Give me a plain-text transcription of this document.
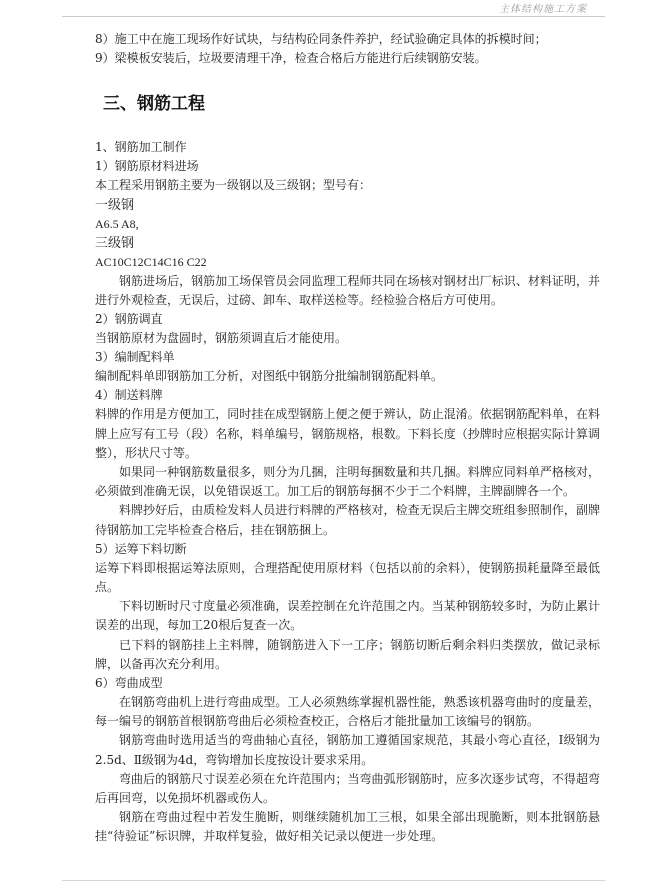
主体结构施工方案

8）施工中在施工现场作好试块，与结构砼同条件养护，经试验确定具体的拆模时间；

9）梁模板安装后，垃圾要清理干净，检查合格后方能进行后续钢筋安装。

三、钢筋工程

1、钢筋加工制作

1）钢筋原材料进场

本工程采用钢筋主要为一级钢以及三级钢；型号有：

一级钢

A6.5 A8,

三级钢

AC10C12C14C16 C22

钢筋进场后，钢筋加工场保管员会同监理工程师共同在场核对钢材出厂标识、材料证明，并进行外观检查，无误后，过磅、卸车、取样送检等。经检验合格后方可使用。

2）钢筋调直

当钢筋原材为盘圆时，钢筋须调直后才能使用。

3）编制配料单

编制配料单即钢筋加工分析，对图纸中钢筋分批编制钢筋配料单。

4）制送料牌

料牌的作用是方便加工，同时挂在成型钢筋上便之便于辨认，防止混淆。依据钢筋配料单，在料牌上应写有工号（段）名称，料单编号，钢筋规格，根数。下料长度（抄牌时应根据实际计算调整），形状尺寸等。

如果同一种钢筋数量很多，则分为几捆，注明每捆数量和共几捆。料牌应同料单严格核对，必须做到准确无误，以免错误返工。加工后的钢筋每捆不少于二个料牌，主牌副牌各一个。

料牌抄好后，由质检发料人员进行料牌的严格核对，检查无误后主牌交班组参照制作，副牌待钢筋加工完毕检查合格后，挂在钢筋捆上。

5）运筹下料切断

运筹下料即根据运筹法原则，合理搭配使用原材料（包括以前的余料），使钢筋损耗量降至最低点。

下料切断时尺寸度量必须准确，误差控制在允许范围之内。当某种钢筋较多时，为防止累计误差的出现，每加工20根后复查一次。

已下料的钢筋挂上主料牌，随钢筋进入下一工序；钢筋切断后剩余料归类摆放，做记录标牌，以备再次充分利用。

6）弯曲成型

在钢筋弯曲机上进行弯曲成型。工人必须熟练掌握机器性能，熟悉该机器弯曲时的度量差，每一编号的钢筋首根钢筋弯曲后必须检查校正，合格后才能批量加工该编号的钢筋。

钢筋弯曲时选用适当的弯曲轴心直径，钢筋加工遵循国家规范，其最小弯心直径，Ⅰ级钢为2.5d、Ⅱ级钢为4d，弯钩增加长度按设计要求采用。

弯曲后的钢筋尺寸误差必须在允许范围内；当弯曲弧形钢筋时，应多次逐步试弯，不得超弯后再回弯，以免损坏机器或伤人。

钢筋在弯曲过程中若发生脆断，则继续随机加工三根，如果全部出现脆断，则本批钢筋悬挂“待验证”标识牌，并取样复验，做好相关记录以便进一步处理。
